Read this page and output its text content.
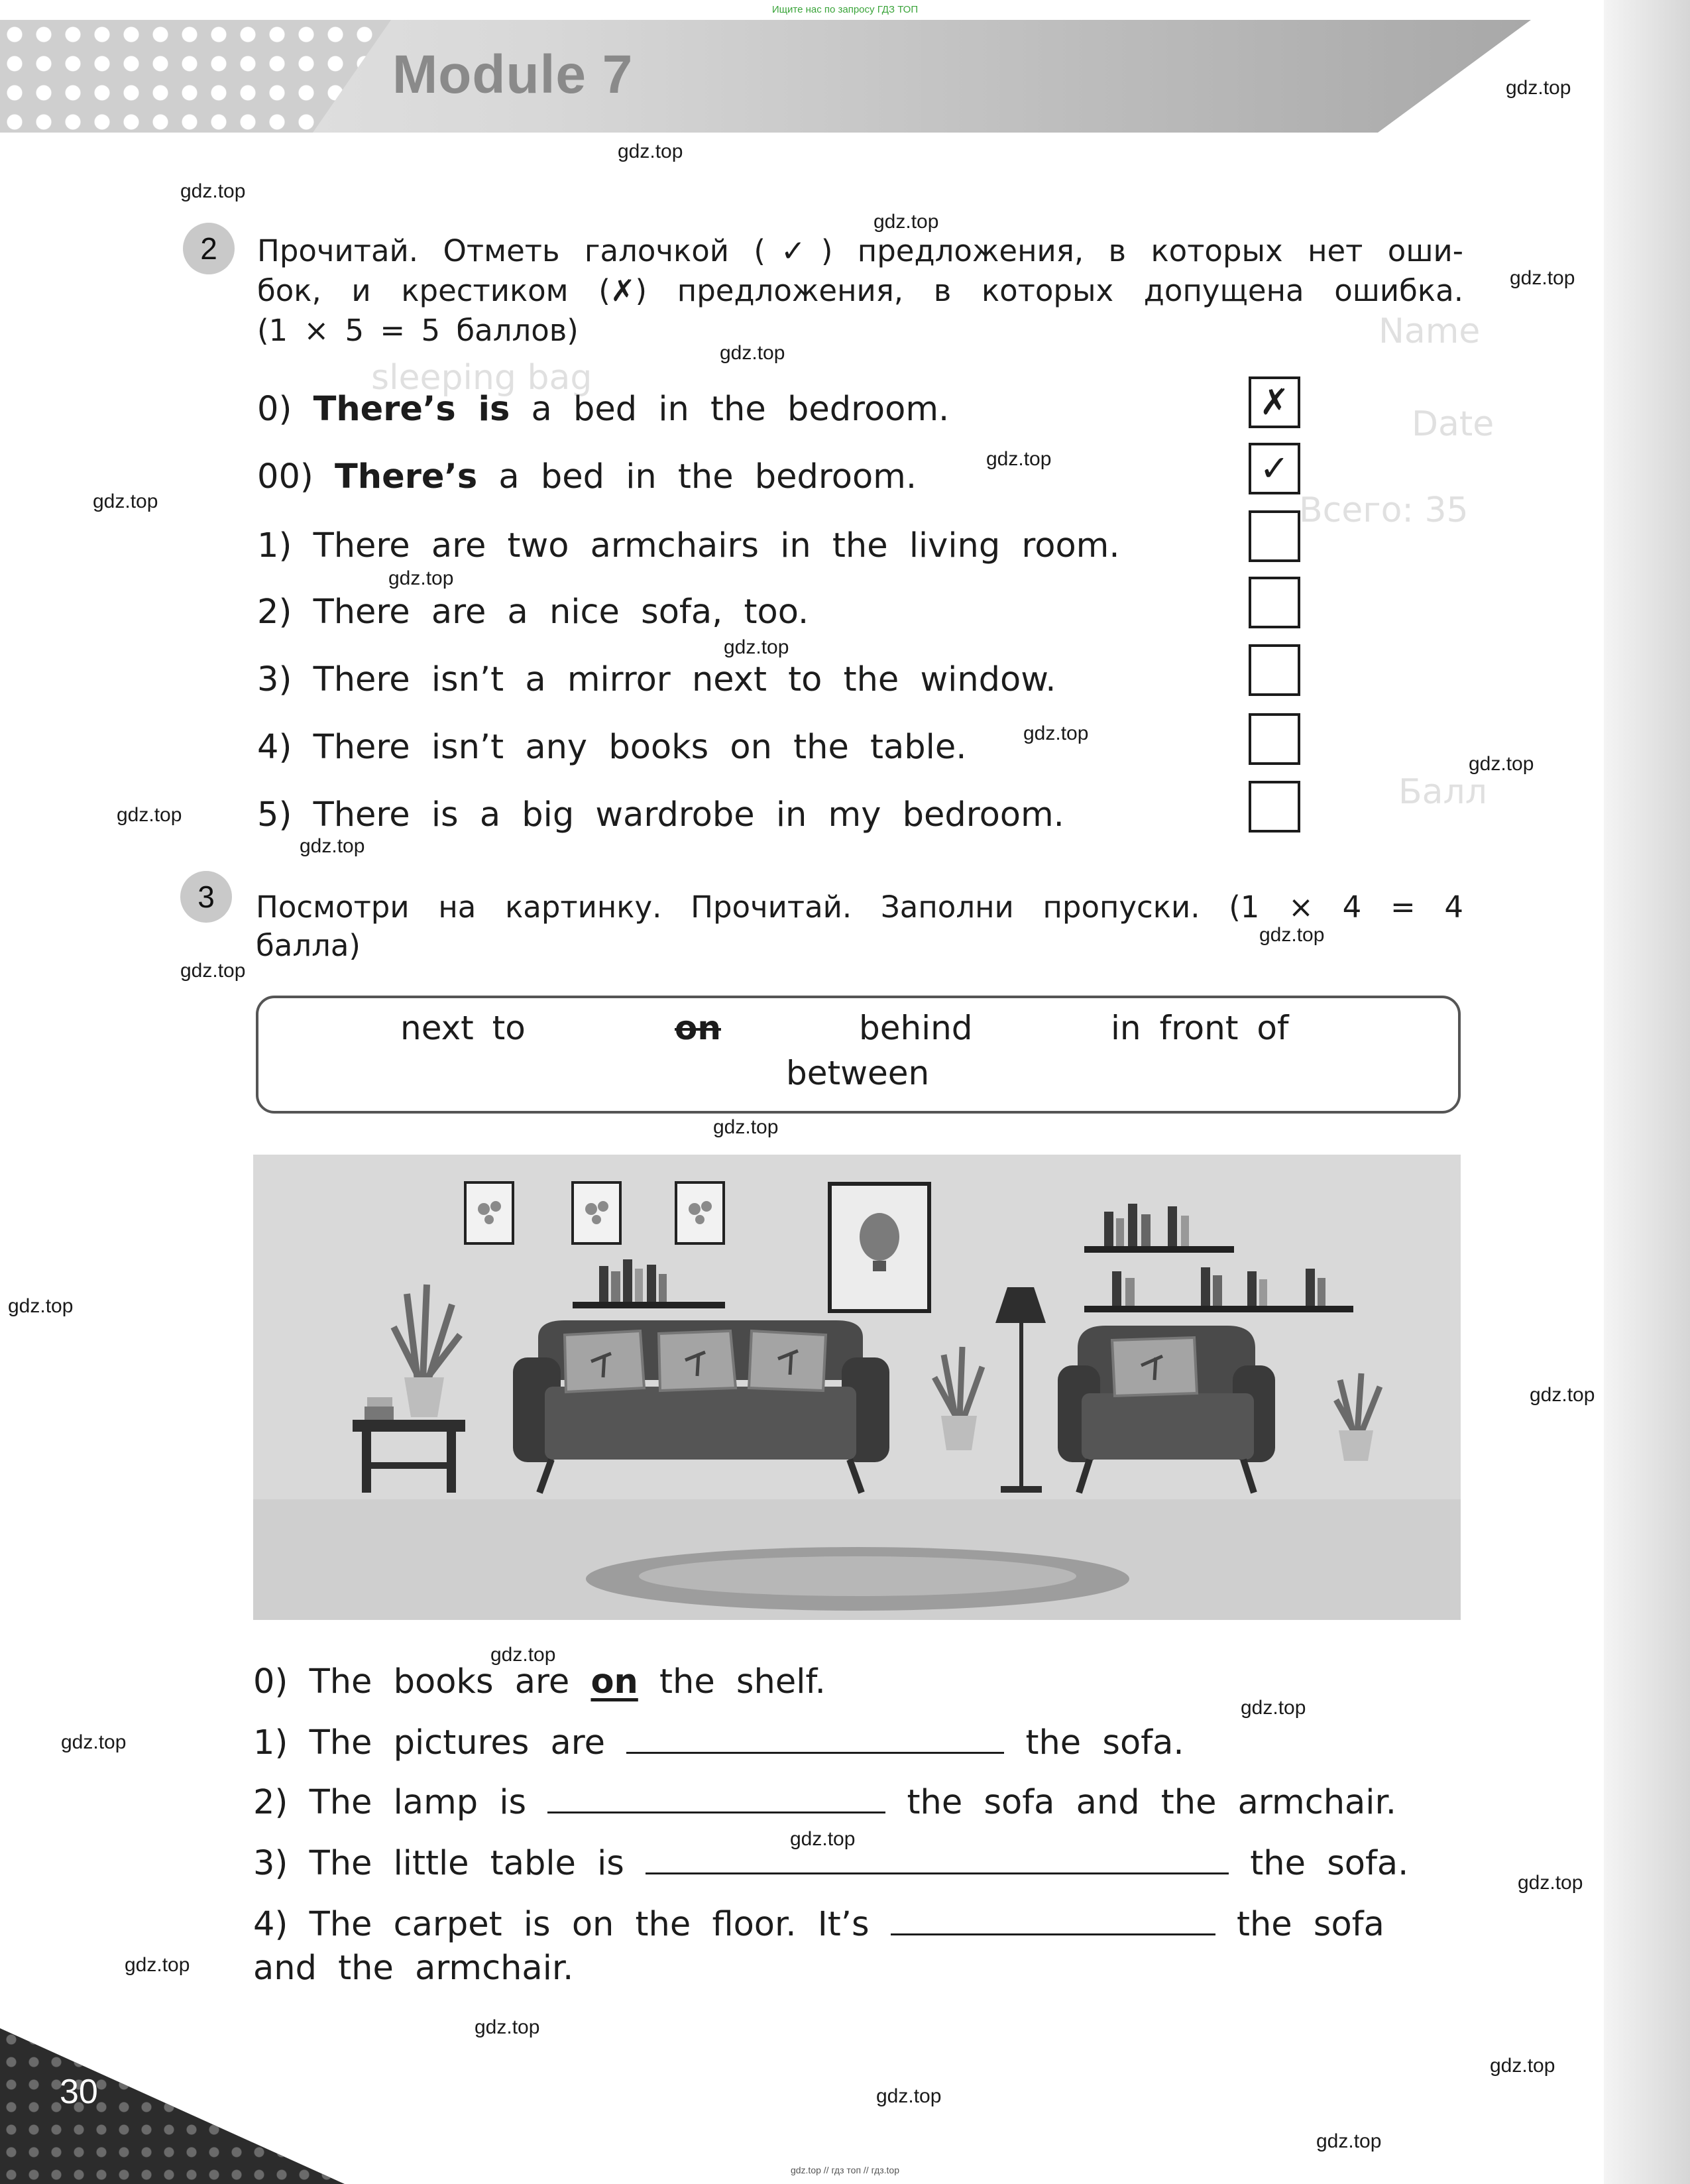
Ищите нас по запросу ГДЗ ТОП
Name
Date
sleeping bag
Всего: 35
Балл
Module 7
gdz.top
gdz.top
gdz.top
gdz.top
gdz.top
gdz.top
gdz.top
gdz.top
gdz.top
gdz.top
gdz.top
gdz.top
gdz.top
gdz.top
gdz.top
gdz.top
gdz.top
gdz.top
gdz.top
gdz.top
gdz.top
gdz.top
gdz.top
gdz.top
gdz.top
gdz.top
gdz.top
gdz.top
gdz.top
2	Прочитай. Отметь галочкой (✓) предложения, в которых нет оши-
бок, и крестиком (✗) предложения, в которых допущена ошибка.
(1 × 5 = 5 баллов)
0) There’s is a bed in the bedroom.	✗
00) There’s a bed in the bedroom.	✓
1) There are two armchairs in the living room.
2) There are a nice sofa, too.
3) There isn’t a mirror next to the window.
4) There isn’t any books on the table.
5) There is a big wardrobe in my bedroom.
3	Посмотри на картинку. Прочитай. Заполни пропуски. (1 × 4 = 4
балла)
next to	on	behind	in front of
between
0) The books are on the shelf.
1) The pictures are	the sofa.
2) The lamp is	the sofa and the armchair.
3) The little table is	the sofa.
4) The carpet is on the floor. It’s	the sofa
and the armchair.
30
gdz.top // гдз топ // гдз.top
